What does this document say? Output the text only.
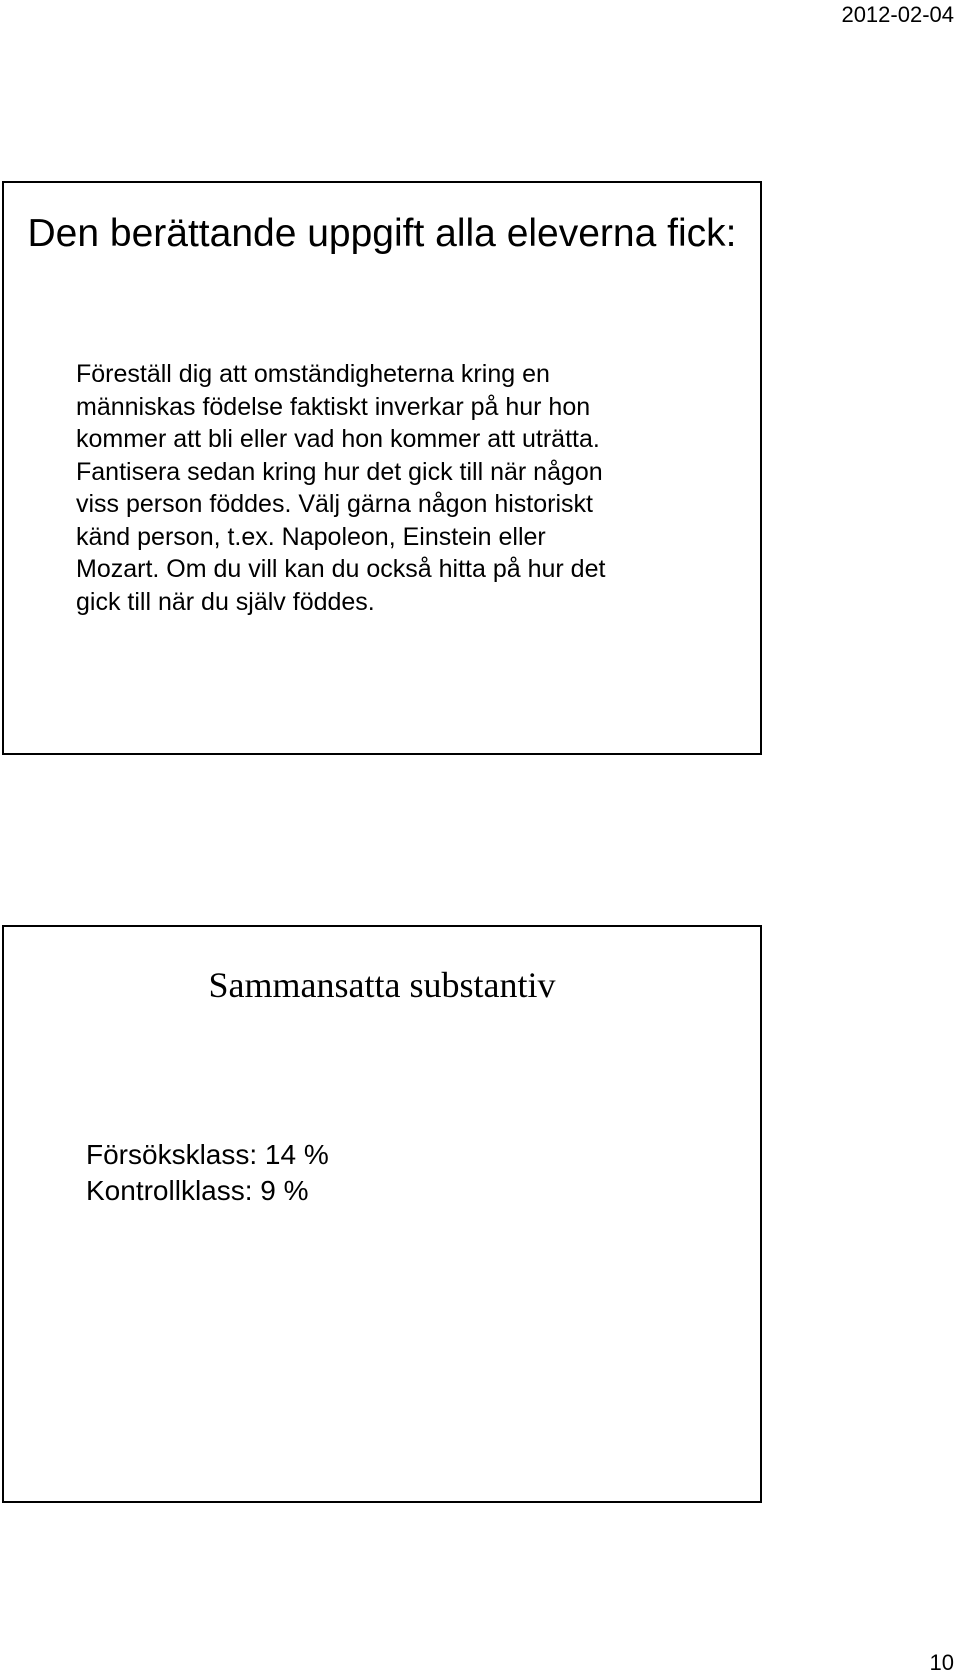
2012-02-04
Den berättande uppgift alla eleverna fick:
Föreställ dig att omständigheterna kring en
människas födelse faktiskt inverkar på hur hon
kommer att bli eller vad hon kommer att uträtta.
Fantisera sedan kring hur det gick till när någon
viss person föddes. Välj gärna någon historiskt
känd person, t.ex. Napoleon, Einstein eller
Mozart. Om du vill kan du också hitta på hur det
gick till när du själv föddes.
Sammansatta substantiv
Försöksklass: 14 %
Kontrollklass: 9 %
10
